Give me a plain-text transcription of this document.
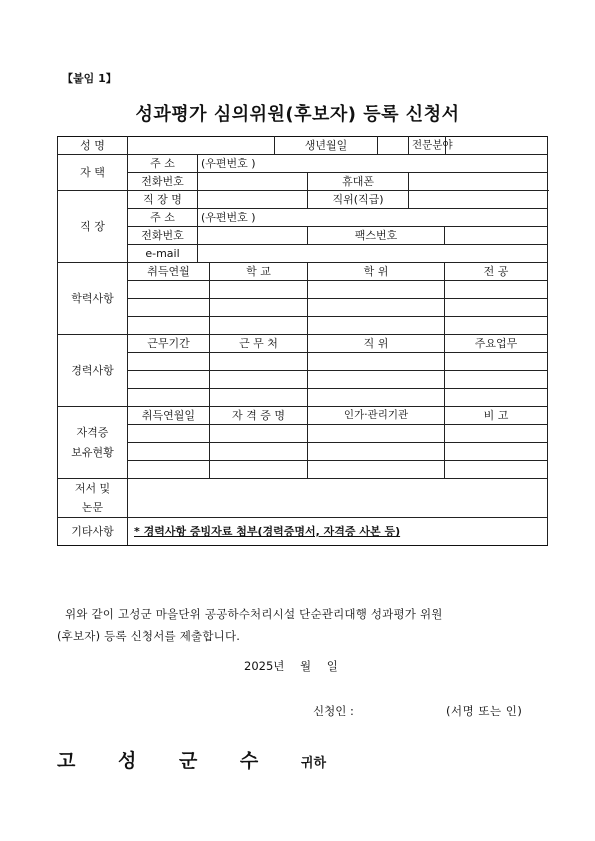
【붙임 1】
성과평가 심의위원(후보자) 등록 신청서
성 명				생년월일			전문분야	
자 택	주 소	(우편번호 )						
	전화번호				휴대폰			
직 장	직 장 명				직위(직급)			
	주 소	(우편번호 )						
	전화번호				팩스번호			
	e-mail							
학력사항	취득연월		학 교		학 위			전 공

경력사항	근무기간		근 무 처		직 위			주요업무

자격증
보유현황	취득연월일		자 격 증 명		인가·관리기관			비 고

저서 및
논문								

기타사항	* 경력사항 증빙자료 첨부(경력증명서, 자격증 사본 등)							
위와 같이 고성군 마을단위 공공하수처리시설 단순관리대행 성과평가 위원
(후보자) 등록 신청서를 제출합니다.
2025년 월 일
신청인 :	(서명 또는 인)
고 성 군 수 귀하
